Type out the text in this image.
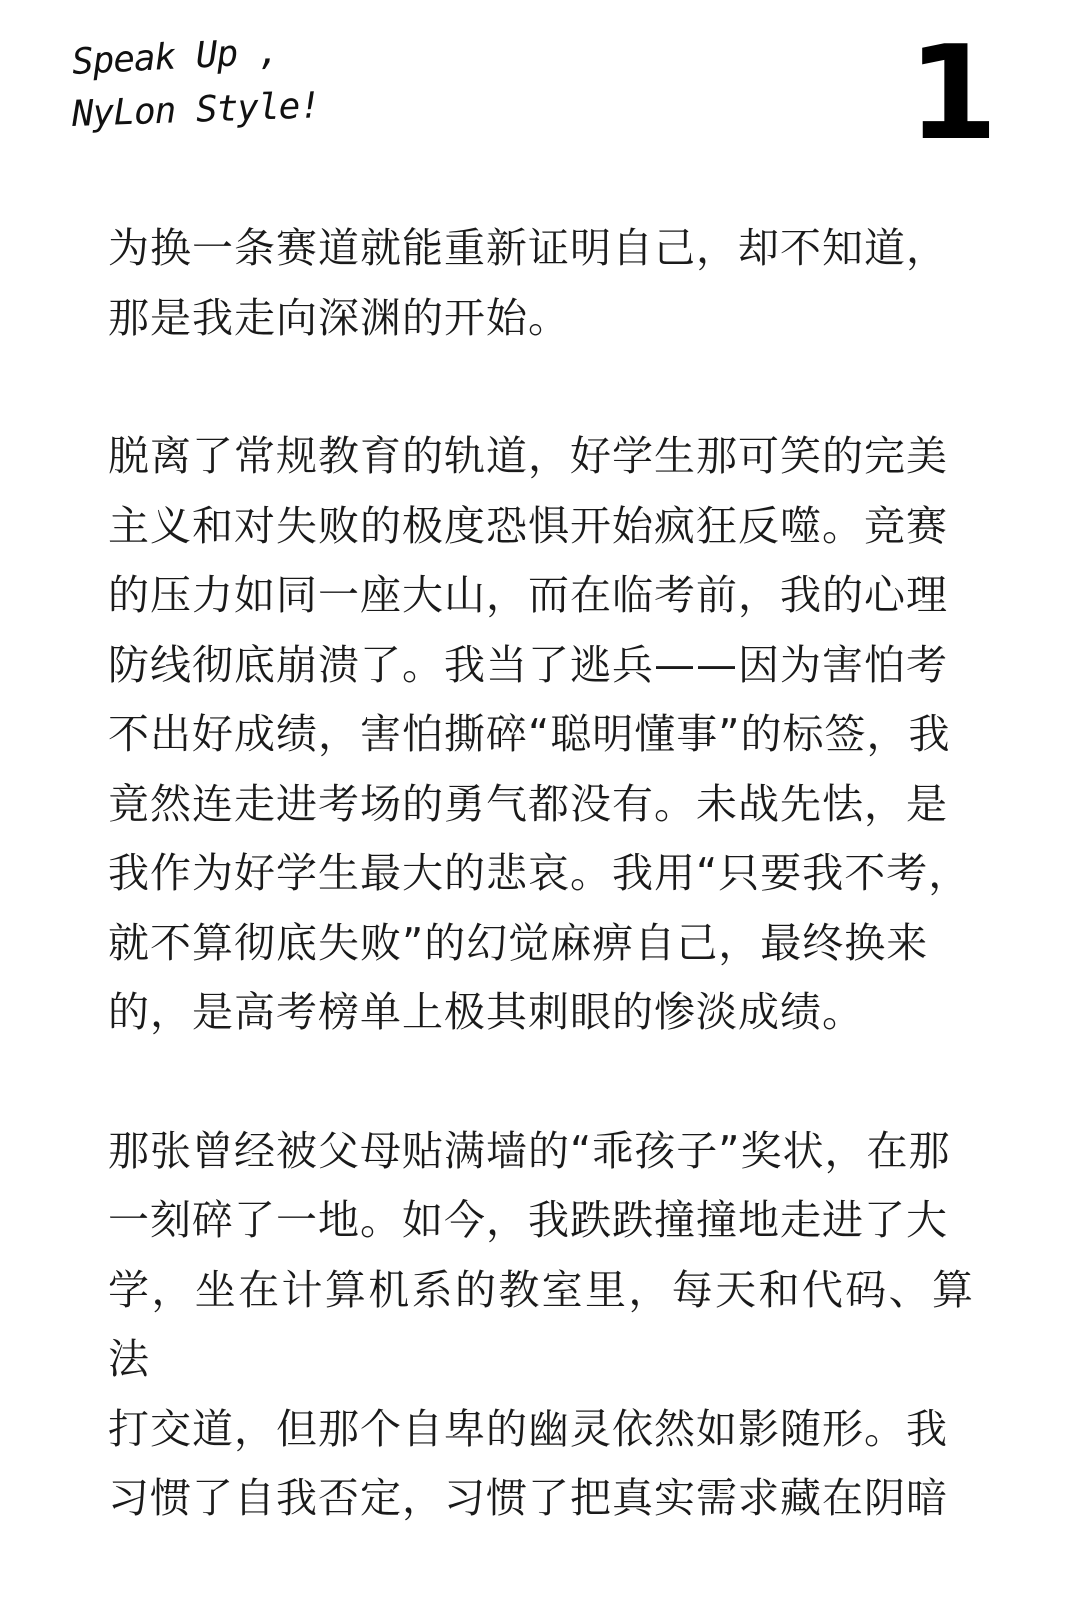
Speak Up ,
NyLon Style!	1

为换一条赛道就能重新证明自己，却不知道，
那是我走向深渊的开始。

脱离了常规教育的轨道，好学生那可笑的完美
主义和对失败的极度恐惧开始疯狂反噬。竞赛
的压力如同一座大山，而在临考前，我的心理
防线彻底崩溃了。我当了逃兵——因为害怕考
不出好成绩，害怕撕碎“聪明懂事”的标签，我
竟然连走进考场的勇气都没有。未战先怯，是
我作为好学生最大的悲哀。我用“只要我不考，
就不算彻底失败”的幻觉麻痹自己，最终换来
的，是高考榜单上极其刺眼的惨淡成绩。

那张曾经被父母贴满墙的“乖孩子”奖状，在那
一刻碎了一地。如今，我跌跌撞撞地走进了大
学，坐在计算机系的教室里，每天和代码、算法
打交道，但那个自卑的幽灵依然如影随形。我
习惯了自我否定，习惯了把真实需求藏在阴暗
